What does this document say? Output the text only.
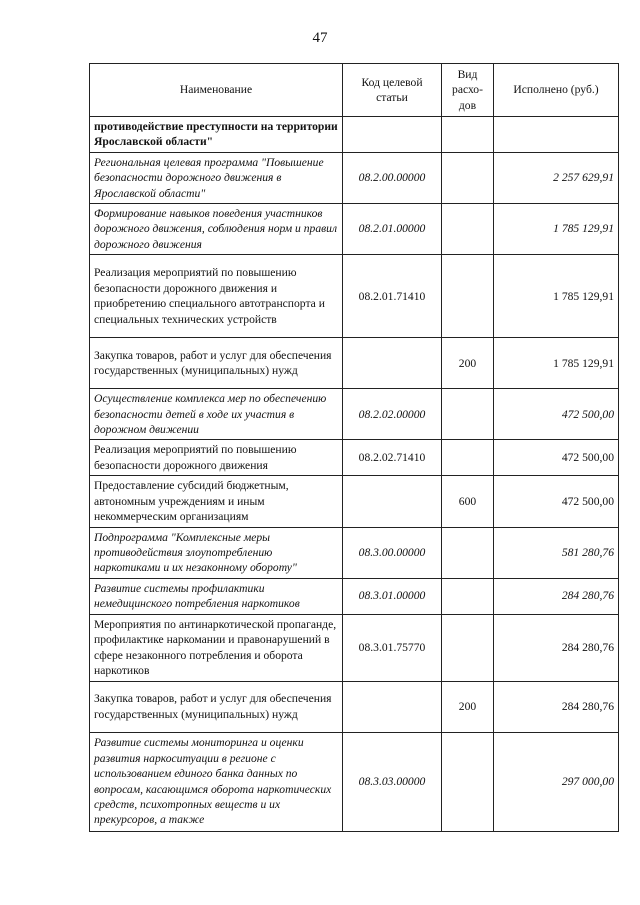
47
Наименование	Код целевой статьи	Вид расхо-дов	Исполнено (руб.)
противодействие преступности на территории Ярославской области"			
Региональная целевая программа "Повышение безопасности дорожного движения в Ярославской области"	08.2.00.00000		2 257 629,91
Формирование навыков поведения участников дорожного движения, соблюдения норм и правил дорожного движения	08.2.01.00000		1 785 129,91
Реализация мероприятий по повышению безопасности дорожного движения и приобретению специального автотранспорта и специальных технических устройств	08.2.01.71410		1 785 129,91
Закупка товаров, работ и услуг для обеспечения государственных (муниципальных) нужд		200	1 785 129,91
Осуществление комплекса мер по обеспечению безопасности детей в ходе их участия в дорожном движении	08.2.02.00000		472 500,00
Реализация мероприятий по повышению безопасности дорожного движения	08.2.02.71410		472 500,00
Предоставление субсидий бюджетным, автономным учреждениям и иным некоммерческим организациям		600	472 500,00
Подпрограмма "Комплексные меры противодействия злоупотреблению наркотиками и их незаконному обороту"	08.3.00.00000		581 280,76
Развитие системы профилактики немедицинского потребления наркотиков	08.3.01.00000		284 280,76
Мероприятия по антинаркотической пропаганде, профилактике наркомании и правонарушений в сфере незаконного потребления и оборота наркотиков	08.3.01.75770		284 280,76
Закупка товаров, работ и услуг для обеспечения государственных (муниципальных) нужд		200	284 280,76
Развитие системы мониторинга и оценки развития наркоситуации в регионе с использованием единого банка данных по вопросам, касающимся оборота наркотических средств, психотропных веществ и их прекурсоров, а также	08.3.03.00000		297 000,00
